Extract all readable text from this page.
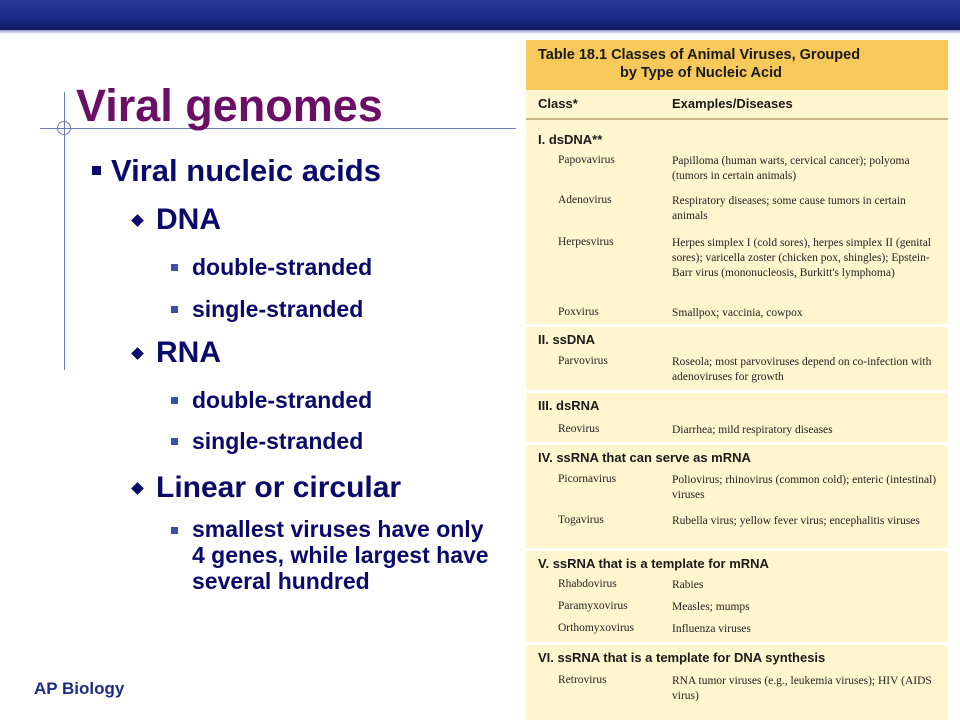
Viral genomes
Viral nucleic acids
DNA
double-stranded
single-stranded
RNA
double-stranded
single-stranded
Linear or circular
smallest viruses have only 4 genes, while largest have several hundred
AP Biology
Table 18.1 Classes of Animal Viruses, Grouped
by Type of Nucleic Acid
Class*	Examples/Diseases
I. dsDNA**
Papovavirus	Papilloma (human warts, cervical cancer); polyoma (tumors in certain animals)
Adenovirus	Respiratory diseases; some cause tumors in certain animals
Herpesvirus	Herpes simplex I (cold sores), herpes simplex II (genital sores); varicella zoster (chicken pox, shingles); Epstein-Barr virus (mononucleosis, Burkitt's lymphoma)
Poxvirus	Smallpox; vaccinia, cowpox
II. ssDNA
Parvovirus	Roseola; most parvoviruses depend on co-infection with adenoviruses for growth
III. dsRNA
Reovirus	Diarrhea; mild respiratory diseases
IV. ssRNA that can serve as mRNA
Picornavirus	Poliovirus; rhinovirus (common cold); enteric (intestinal) viruses
Togavirus	Rubella virus; yellow fever virus; encephalitis viruses
V. ssRNA that is a template for mRNA
Rhabdovirus	Rabies
Paramyxovirus	Measles; mumps
Orthomyxovirus	Influenza viruses
VI. ssRNA that is a template for DNA synthesis
Retrovirus	RNA tumor viruses (e.g., leukemia viruses); HIV (AIDS virus)
